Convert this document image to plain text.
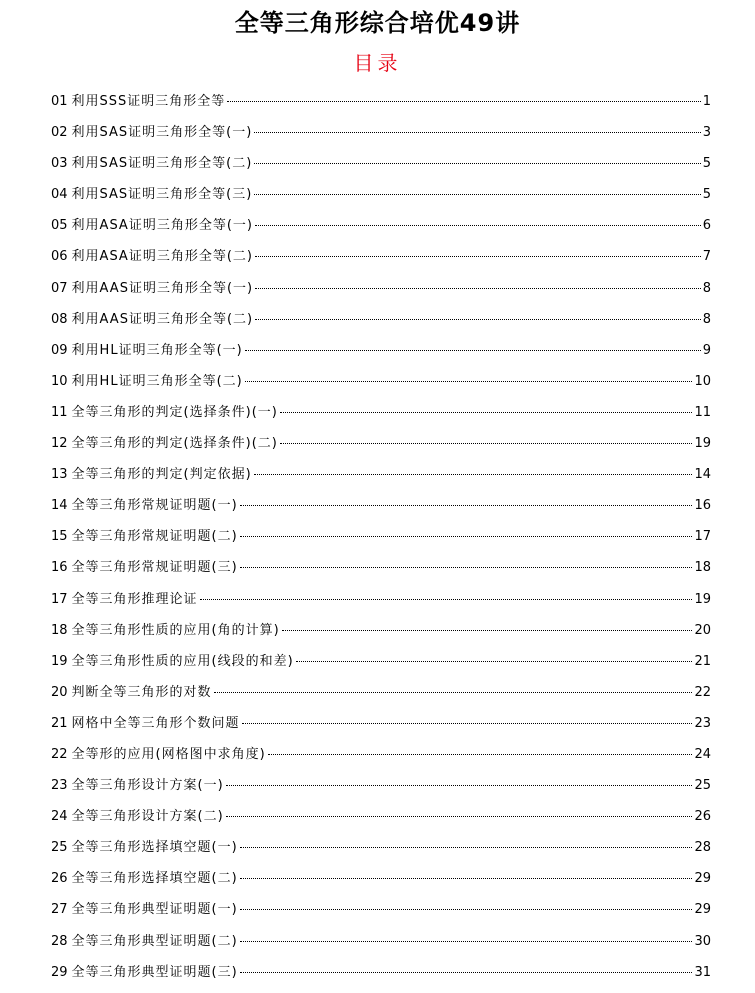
全等三角形综合培优49讲
目录
01 利用SSS证明三角形全等	1
02 利用SAS证明三角形全等(一)	3
03 利用SAS证明三角形全等(二)	5
04 利用SAS证明三角形全等(三)	5
05 利用ASA证明三角形全等(一)	6
06 利用ASA证明三角形全等(二)	7
07 利用AAS证明三角形全等(一)	8
08 利用AAS证明三角形全等(二)	8
09 利用HL证明三角形全等(一)	9
10 利用HL证明三角形全等(二)	10
11 全等三角形的判定(选择条件)(一)	11
12 全等三角形的判定(选择条件)(二)	19
13 全等三角形的判定(判定依据)	14
14 全等三角形常规证明题(一)	16
15 全等三角形常规证明题(二)	17
16 全等三角形常规证明题(三)	18
17 全等三角形推理论证	19
18 全等三角形性质的应用(角的计算)	20
19 全等三角形性质的应用(线段的和差)	21
20 判断全等三角形的对数	22
21 网格中全等三角形个数问题	23
22 全等形的应用(网格图中求角度)	24
23 全等三角形设计方案(一)	25
24 全等三角形设计方案(二)	26
25 全等三角形选择填空题(一)	28
26 全等三角形选择填空题(二)	29
27 全等三角形典型证明题(一)	29
28 全等三角形典型证明题(二)	30
29 全等三角形典型证明题(三)	31
